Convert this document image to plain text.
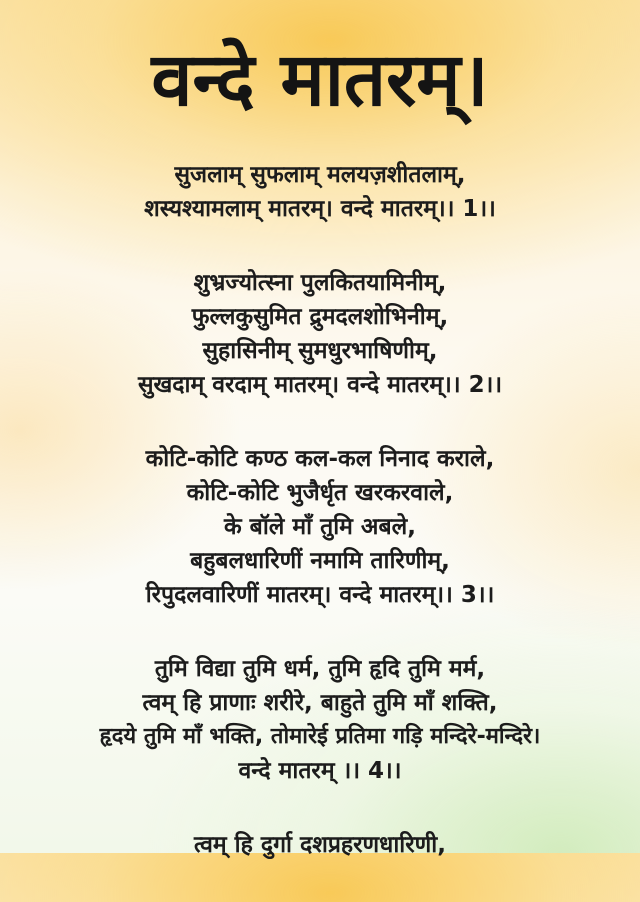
वन्दे मातरम्।
सुजलाम् सुफलाम् मलयज़शीतलाम्,
शस्यश्यामलाम् मातरम्। वन्दे मातरम्।। 1।।
शुभ्रज्योत्स्ना पुलकितयामिनीम्,
फुल्लकुसुमित द्रुमदलशोभिनीम्,
सुहासिनीम् सुमधुरभाषिणीम्,
सुखदाम् वरदाम् मातरम्। वन्दे मातरम्।। 2।।
कोटि-कोटि कण्ठ कल-कल निनाद कराले,
कोटि-कोटि भुजैर्धृत खरकरवाले,
के बॉले माँ तुमि अबले,
बहुबलधारिणीं नमामि तारिणीम्,
रिपुदलवारिणीं मातरम्। वन्दे मातरम्।। 3।।
तुमि विद्या तुमि धर्म, तुमि हृदि तुमि मर्म,
त्वम् हि प्राणाः शरीरे, बाहुते तुमि माँ शक्ति,
हृदये तुमि माँ भक्ति, तोमारेई प्रतिमा गड़ि मन्दिरे-मन्दिरे।
वन्दे मातरम् ।। 4।।
त्वम् हि दुर्गा दशप्रहरणधारिणी,
